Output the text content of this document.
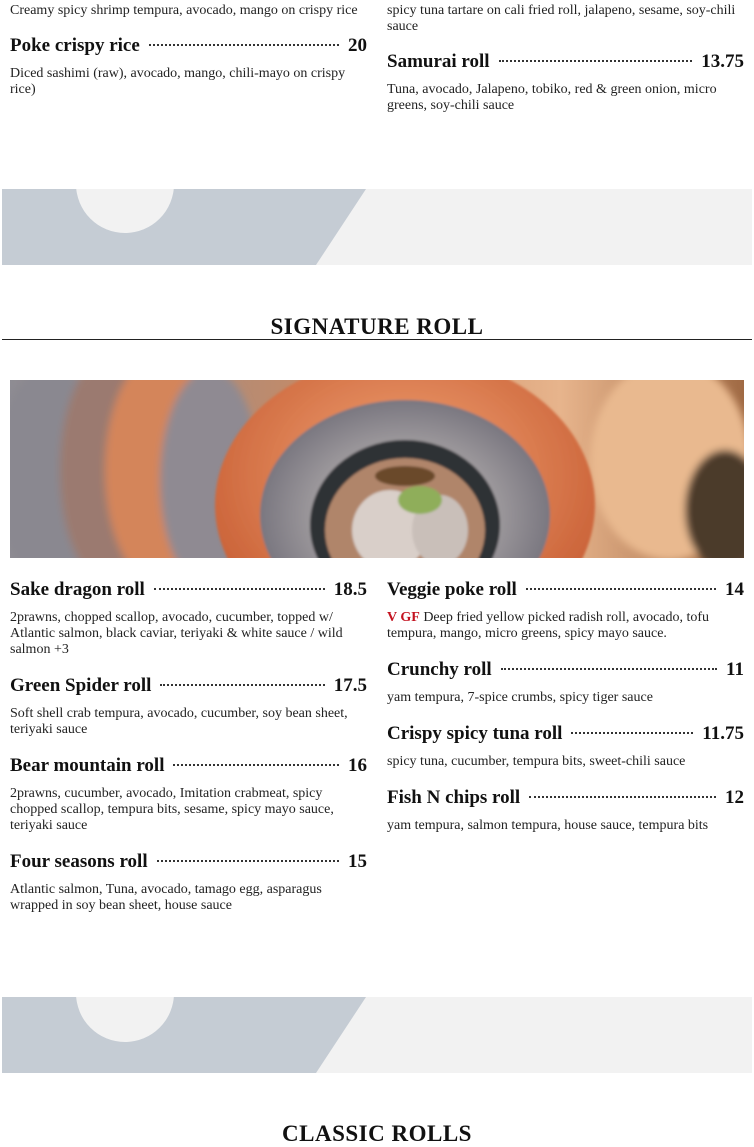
Creamy spicy shrimp tempura, avocado, mango on crispy rice

Poke crispy rice	20

Diced sashimi (raw), avocado, mango, chili-mayo on crispy rice)

spicy tuna tartare on cali fried roll, jalapeno, sesame, soy-chili sauce

Samurai roll	13.75

Tuna, avocado, Jalapeno, tobiko, red & green onion, micro greens, soy-chili sauce

SIGNATURE ROLL
Sake dragon roll	18.5

2prawns, chopped scallop, avocado, cucumber, topped w/ Atlantic salmon, black caviar, teriyaki & white sauce / wild salmon +3

Green Spider roll	17.5

Soft shell crab tempura, avocado, cucumber, soy bean sheet, teriyaki sauce

Bear mountain roll	16

2prawns, cucumber, avocado, Imitation crabmeat, spicy chopped scallop, tempura bits, sesame, spicy mayo sauce, teriyaki sauce

Four seasons roll	15

Atlantic salmon, Tuna, avocado, tamago egg, asparagus wrapped in soy bean sheet, house sauce

Veggie poke roll	14

V GF Deep fried yellow picked radish roll, avocado, tofu tempura, mango, micro greens, spicy mayo sauce.

Crunchy roll	11

yam tempura, 7-spice crumbs, spicy tiger sauce

Crispy spicy tuna roll	11.75

spicy tuna, cucumber, tempura bits, sweet-chili sauce

Fish N chips roll	12

yam tempura, salmon tempura, house sauce, tempura bits

CLASSIC ROLLS
